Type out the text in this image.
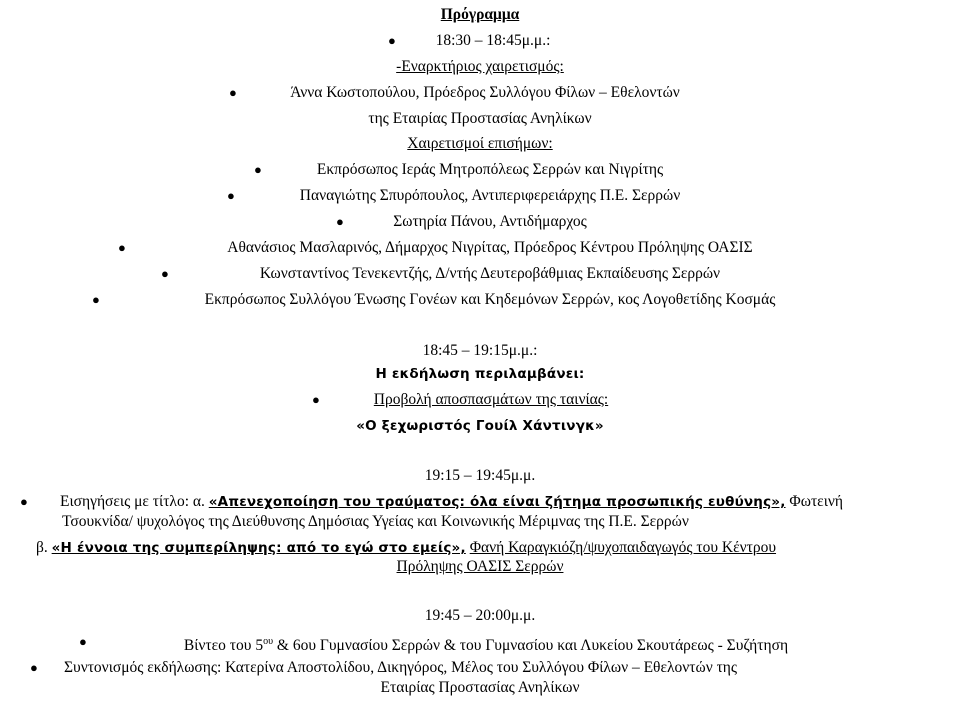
Πρόγραμμα
●	18:30 – 18:45μ.μ.:
-Εναρκτήριος χαιρετισμός:
●	Άννα Κωστοπούλου, Πρόεδρος Συλλόγου Φίλων – Εθελοντών
της Εταιρίας Προστασίας Ανηλίκων
Χαιρετισμοί επισήμων:
●	Εκπρόσωπος Ιεράς Μητροπόλεως Σερρών και Νιγρίτης
●	Παναγιώτης Σπυρόπουλος, Αντιπεριφερειάρχης Π.Ε. Σερρών
●	Σωτηρία Πάνου, Αντιδήμαρχος
●	Αθανάσιος Μασλαρινός, Δήμαρχος Νιγρίτας, Πρόεδρος Κέντρου Πρόληψης ΟΑΣΙΣ
●	Κωνσταντίνος Τενεκεντζής, Δ/ντής Δευτεροβάθμιας Εκπαίδευσης Σερρών
●	Εκπρόσωπος Συλλόγου Ένωσης Γονέων και Κηδεμόνων Σερρών, κος Λογοθετίδης Κοσμάς
18:45 – 19:15μ.μ.:
Η εκδήλωση περιλαμβάνει:
●	Προβολή αποσπασμάτων της ταινίας:
«Ο ξεχωριστός Γουίλ Χάντινγκ»
19:15 – 19:45μ.μ.
● Εισηγήσεις με τίτλο: α. «Απενεχοποίηση του τραύματος: όλα είναι ζήτημα προσωπικής ευθύνης», Φωτεινή
Τσουκνίδα/ ψυχολόγος της Διεύθυνσης Δημόσιας Υγείας και Κοινωνικής Μέριμνας της Π.Ε. Σερρών
β. «Η έννοια της συμπερίληψης: από το εγώ στο εμείς», Φανή Καραγκιόζη/ψυχοπαιδαγωγός του Κέντρου
Πρόληψης ΟΑΣΙΣ Σερρών
19:45 – 20:00μ.μ.
●	Βίντεο του $5^{o\upsilon}$ & 6ου Γυμνασίου Σερρών & του Γυμνασίου και Λυκείου Σκουτάρεως - Συζήτηση
● Συντονισμός εκδήλωσης: Κατερίνα Αποστολίδου, Δικηγόρος, Μέλος του Συλλόγου Φίλων – Εθελοντών της
Εταιρίας Προστασίας Ανηλίκων
